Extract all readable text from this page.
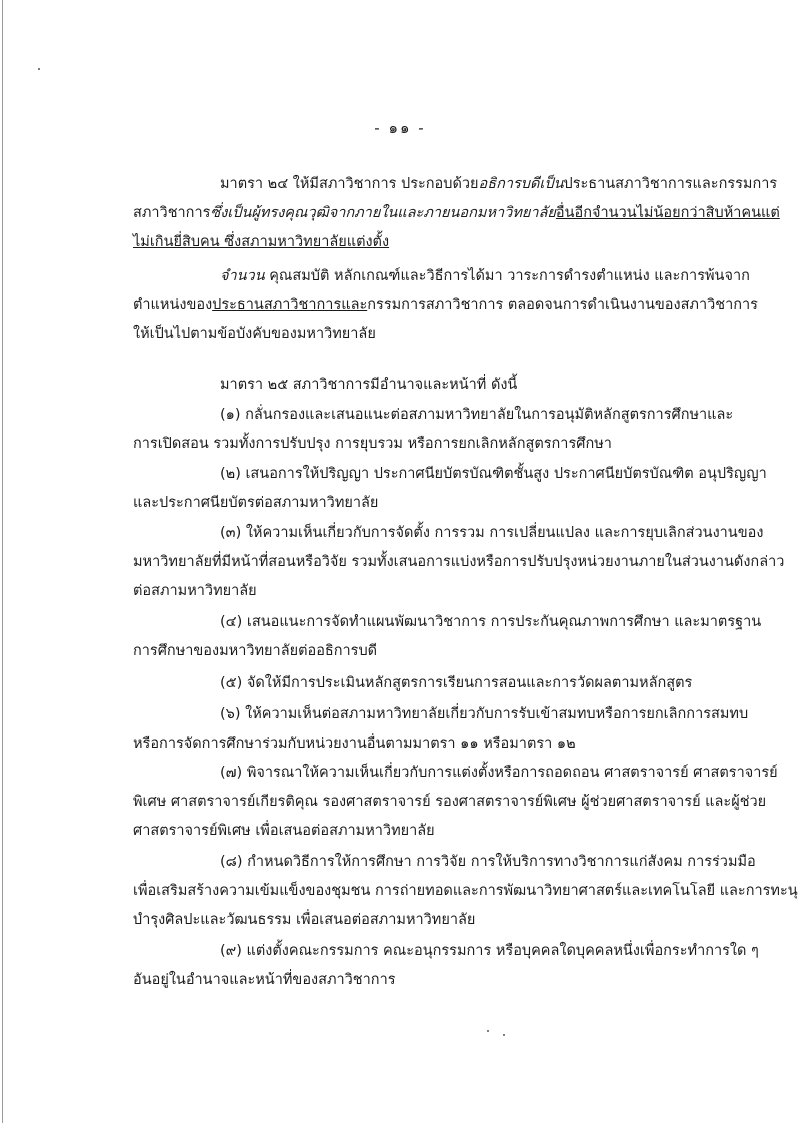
- ๑๑ -
มาตรา ๒๔ ให้มีสภาวิชาการ ประกอบด้วยอธิการบดีเป็นประธานสภาวิชาการและกรรมการ
สภาวิชาการซึ่งเป็นผู้ทรงคุณวุฒิจากภายในและภายนอกมหาวิทยาลัยอื่นอีกจำนวนไม่น้อยกว่าสิบห้าคนแต่
ไม่เกินยี่สิบคน ซึ่งสภามหาวิทยาลัยแต่งตั้ง
จำนวน คุณสมบัติ หลักเกณฑ์และวิธีการได้มา วาระการดำรงตำแหน่ง และการพ้นจาก
ตำแหน่งของประธานสภาวิชาการและกรรมการสภาวิชาการ ตลอดจนการดำเนินงานของสภาวิชาการ
ให้เป็นไปตามข้อบังคับของมหาวิทยาลัย
มาตรา ๒๕ สภาวิชาการมีอำนาจและหน้าที่ ดังนี้
(๑) กลั่นกรองและเสนอแนะต่อสภามหาวิทยาลัยในการอนุมัติหลักสูตรการศึกษาและ
การเปิดสอน รวมทั้งการปรับปรุง การยุบรวม หรือการยกเลิกหลักสูตรการศึกษา
(๒) เสนอการให้ปริญญา ประกาศนียบัตรบัณฑิตชั้นสูง ประกาศนียบัตรบัณฑิต อนุปริญญา
และประกาศนียบัตรต่อสภามหาวิทยาลัย
(๓) ให้ความเห็นเกี่ยวกับการจัดตั้ง การรวม การเปลี่ยนแปลง และการยุบเลิกส่วนงานของ
มหาวิทยาลัยที่มีหน้าที่สอนหรือวิจัย รวมทั้งเสนอการแบ่งหรือการปรับปรุงหน่วยงานภายในส่วนงานดังกล่าว
ต่อสภามหาวิทยาลัย
(๔) เสนอแนะการจัดทำแผนพัฒนาวิชาการ การประกันคุณภาพการศึกษา และมาตรฐาน
การศึกษาของมหาวิทยาลัยต่ออธิการบดี
(๕) จัดให้มีการประเมินหลักสูตรการเรียนการสอนและการวัดผลตามหลักสูตร
(๖) ให้ความเห็นต่อสภามหาวิทยาลัยเกี่ยวกับการรับเข้าสมทบหรือการยกเลิกการสมทบ
หรือการจัดการศึกษาร่วมกับหน่วยงานอื่นตามมาตรา ๑๑ หรือมาตรา ๑๒
(๗) พิจารณาให้ความเห็นเกี่ยวกับการแต่งตั้งหรือการถอดถอน ศาสตราจารย์ ศาสตราจารย์
พิเศษ ศาสตราจารย์เกียรติคุณ รองศาสตราจารย์ รองศาสตราจารย์พิเศษ ผู้ช่วยศาสตราจารย์ และผู้ช่วย
ศาสตราจารย์พิเศษ เพื่อเสนอต่อสภามหาวิทยาลัย
(๘) กำหนดวิธีการให้การศึกษา การวิจัย การให้บริการทางวิชาการแก่สังคม การร่วมมือ
เพื่อเสริมสร้างความเข้มแข็งของชุมชน การถ่ายทอดและการพัฒนาวิทยาศาสตร์และเทคโนโลยี และการทะนุ
บำรุงศิลปะและวัฒนธรรม เพื่อเสนอต่อสภามหาวิทยาลัย
(๙) แต่งตั้งคณะกรรมการ คณะอนุกรรมการ หรือบุคคลใดบุคคลหนึ่งเพื่อกระทำการใด ๆ
อันอยู่ในอำนาจและหน้าที่ของสภาวิชาการ
